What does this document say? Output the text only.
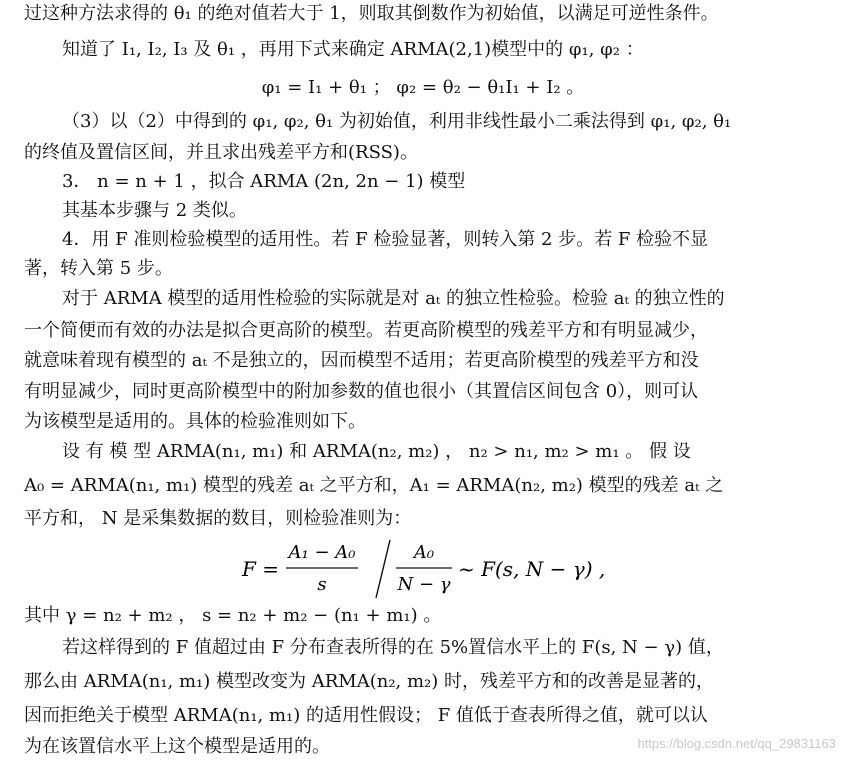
过这种方法求得的 θ₁ 的绝对值若大于 1，则取其倒数作为初始值，以满足可逆性条件。
知道了 I₁, I₂, I₃ 及 θ₁ ，再用下式来确定 ARMA(2,1)模型中的 φ₁, φ₂ ：
φ₁ = I₁ + θ₁ ； φ₂ = θ₂ − θ₁I₁ + I₂ 。
（3）以（2）中得到的 φ₁, φ₂, θ₁ 为初始值，利用非线性最小二乘法得到 φ₁, φ₂, θ₁
的终值及置信区间，并且求出残差平方和(RSS)。
3． n = n + 1 ，拟合 ARMA (2n, 2n − 1) 模型
其基本步骤与 2 类似。
4．用 F 准则检验模型的适用性。若 F 检验显著，则转入第 2 步。若 F 检验不显
著，转入第 5 步。
对于 ARMA 模型的适用性检验的实际就是对 aₜ 的独立性检验。检验 aₜ 的独立性的
一个简便而有效的办法是拟合更高阶的模型。若更高阶模型的残差平方和有明显减少，
就意味着现有模型的 aₜ 不是独立的，因而模型不适用；若更高阶模型的残差平方和没
有明显减少，同时更高阶模型中的附加参数的值也很小（其置信区间包含 0），则可认
为该模型是适用的。具体的检验准则如下。
设 有 模 型 ARMA(n₁, m₁) 和 ARMA(n₂, m₂) ， n₂ > n₁, m₂ > m₁ 。 假 设
A₀ = ARMA(n₁, m₁) 模型的残差 aₜ 之平方和，A₁ = ARMA(n₂, m₂) 模型的残差 aₜ 之
平方和， N 是采集数据的数目，则检验准则为：
F =
A₁ − A₀
s
A₀
N − γ
~ F(s, N − γ) ,
其中 γ = n₂ + m₂ ， s = n₂ + m₂ − (n₁ + m₁) 。
若这样得到的 F 值超过由 F 分布查表所得的在 5%置信水平上的 F(s, N − γ) 值，
那么由 ARMA(n₁, m₁) 模型改变为 ARMA(n₂, m₂) 时，残差平方和的改善是显著的，
因而拒绝关于模型 ARMA(n₁, m₁) 的适用性假设； F 值低于查表所得之值，就可以认
为在该置信水平上这个模型是适用的。	https://blog.csdn.net/qq_29831163
